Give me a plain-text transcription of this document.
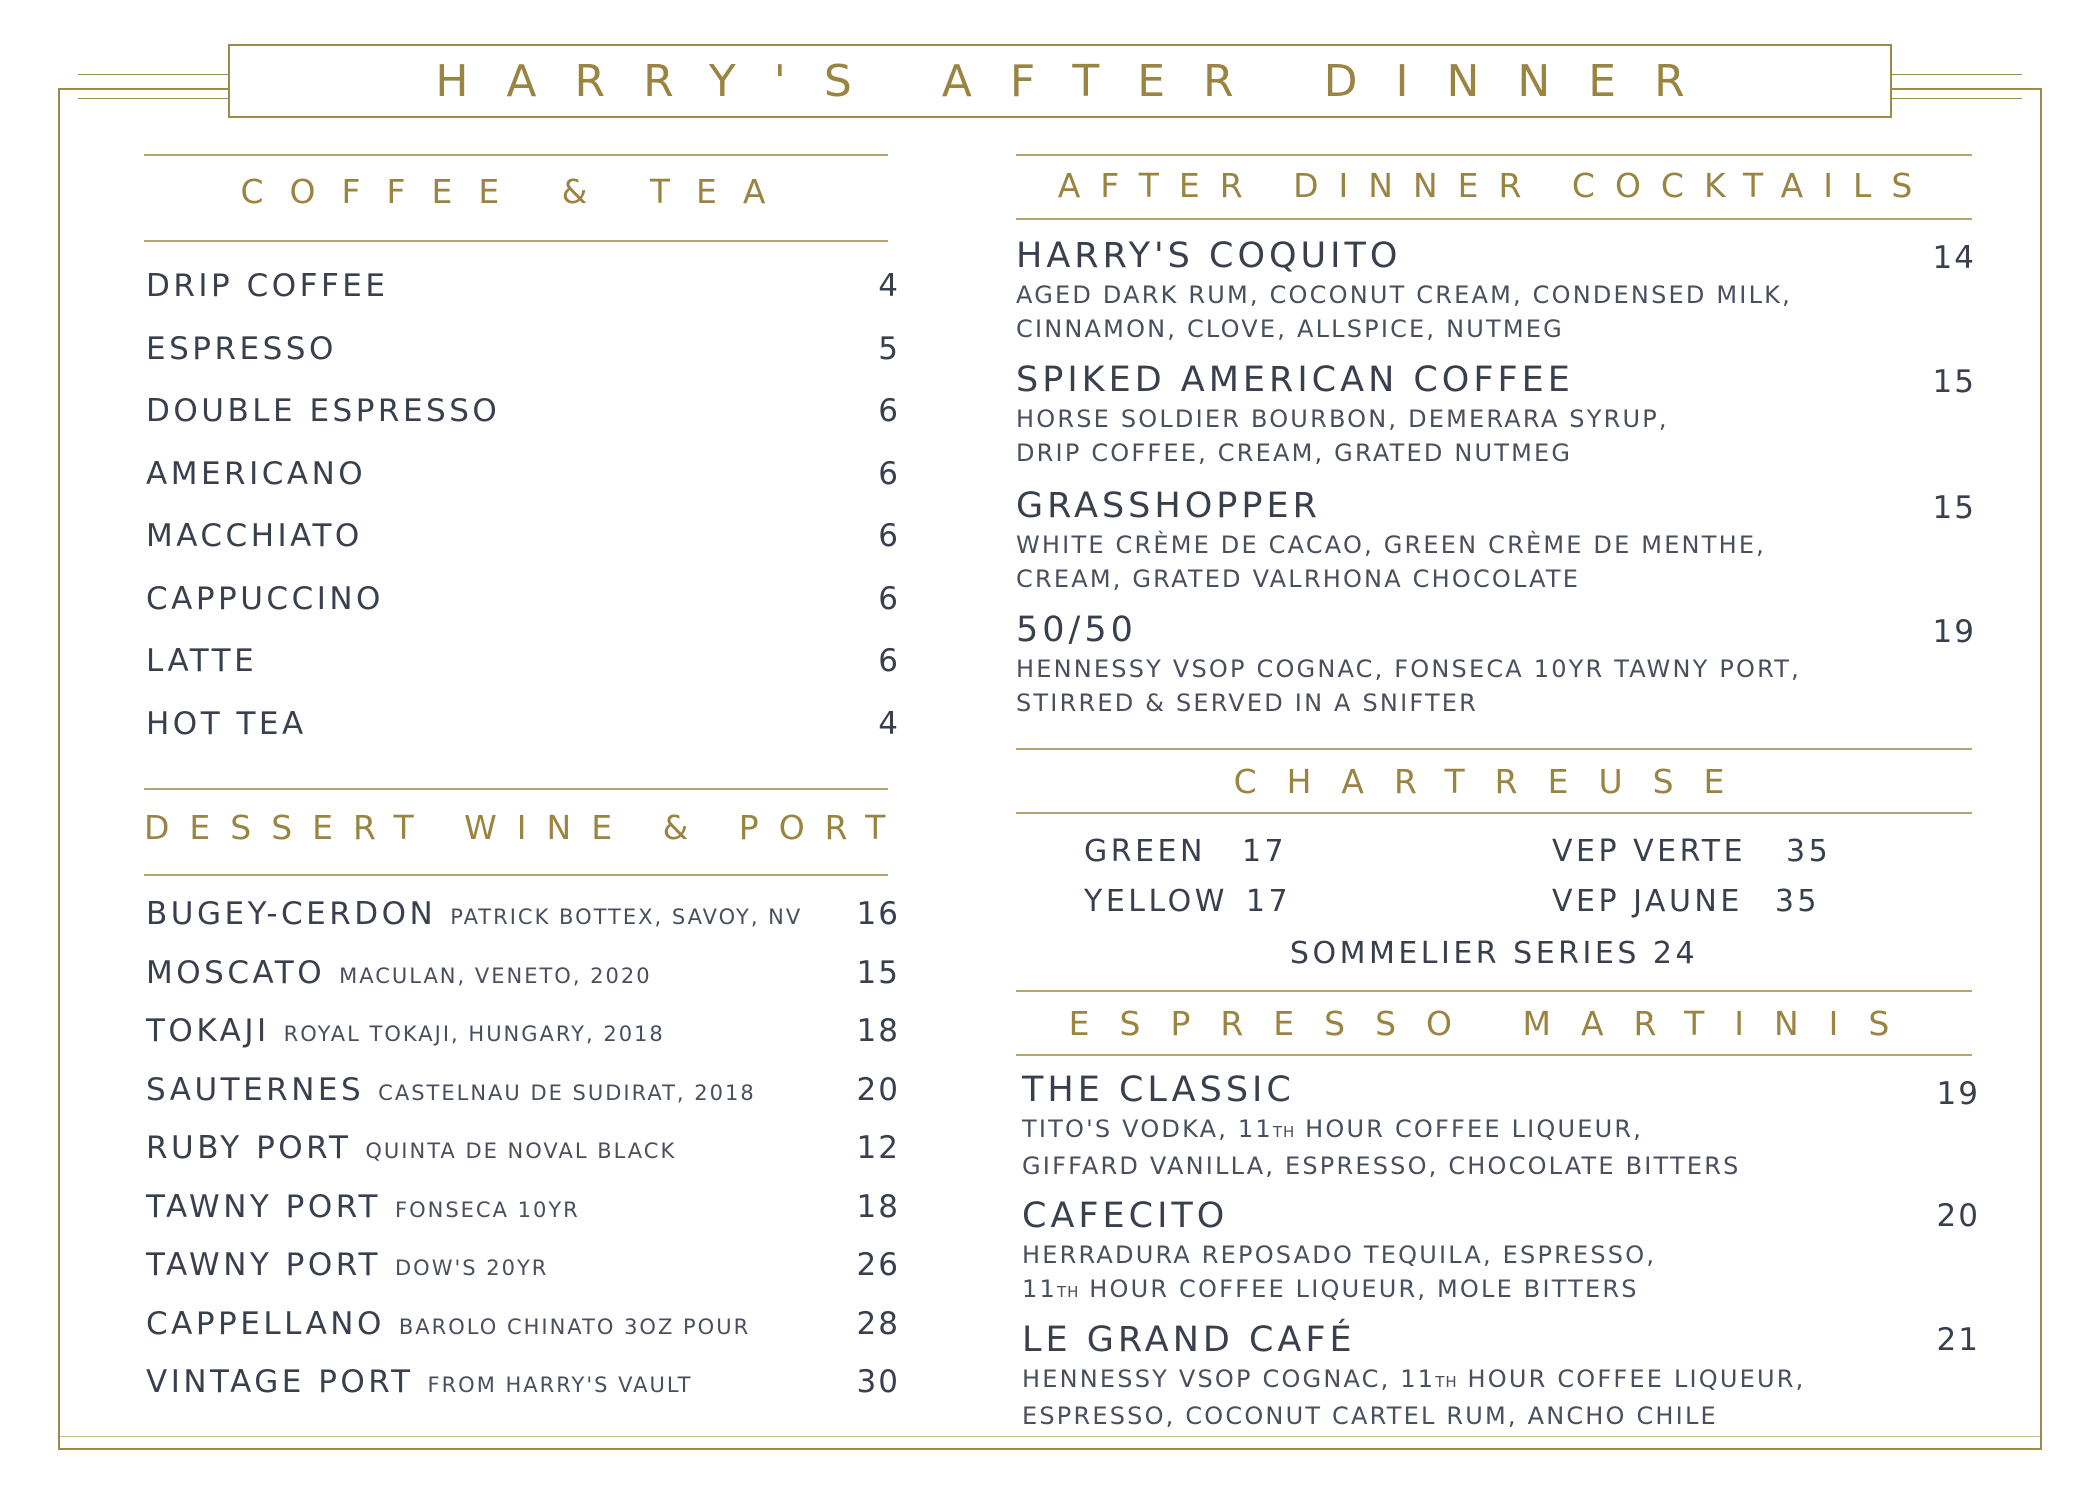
HARRY'S AFTER DINNER
COFFEE & TEA
DRIP COFFEE	4
ESPRESSO	5
DOUBLE ESPRESSO	6
AMERICANO	6
MACCHIATO	6
CAPPUCCINO	6
LATTE	6
HOT TEA	4
DESSERT WINE & PORT
BUGEY-CERDON PATRICK BOTTEX, SAVOY, NV	16
MOSCATO MACULAN, VENETO, 2020	15
TOKAJI ROYAL TOKAJI, HUNGARY, 2018	18
SAUTERNES CASTELNAU DE SUDIRAT, 2018	20
RUBY PORT QUINTA DE NOVAL BLACK	12
TAWNY PORT FONSECA 10YR	18
TAWNY PORT DOW'S 20YR	26
CAPPELLANO BAROLO CHINATO 3OZ POUR	28
VINTAGE PORT FROM HARRY'S VAULT	30
AFTER DINNER COCKTAILS
HARRY'S COQUITO	14
AGED DARK RUM, COCONUT CREAM, CONDENSED MILK,
CINNAMON, CLOVE, ALLSPICE, NUTMEG
SPIKED AMERICAN COFFEE	15
HORSE SOLDIER BOURBON, DEMERARA SYRUP,
DRIP COFFEE, CREAM, GRATED NUTMEG
GRASSHOPPER	15
WHITE CRÈME DE CACAO, GREEN CRÈME DE MENTHE,
CREAM, GRATED VALRHONA CHOCOLATE
50/50	19
HENNESSY VSOP COGNAC, FONSECA 10YR TAWNY PORT,
STIRRED & SERVED IN A SNIFTER
CHARTREUSE
GREEN 17
YELLOW 17
VEP VERTE 35
VEP JAUNE 35
SOMMELIER SERIES 24
ESPRESSO MARTINIS
THE CLASSIC	19
TITO'S VODKA, 11TH HOUR COFFEE LIQUEUR,
GIFFARD VANILLA, ESPRESSO, CHOCOLATE BITTERS
CAFECITO	20
HERRADURA REPOSADO TEQUILA, ESPRESSO,
11TH HOUR COFFEE LIQUEUR, MOLE BITTERS
LE GRAND CAFÉ	21
HENNESSY VSOP COGNAC, 11TH HOUR COFFEE LIQUEUR,
ESPRESSO, COCONUT CARTEL RUM, ANCHO CHILE
